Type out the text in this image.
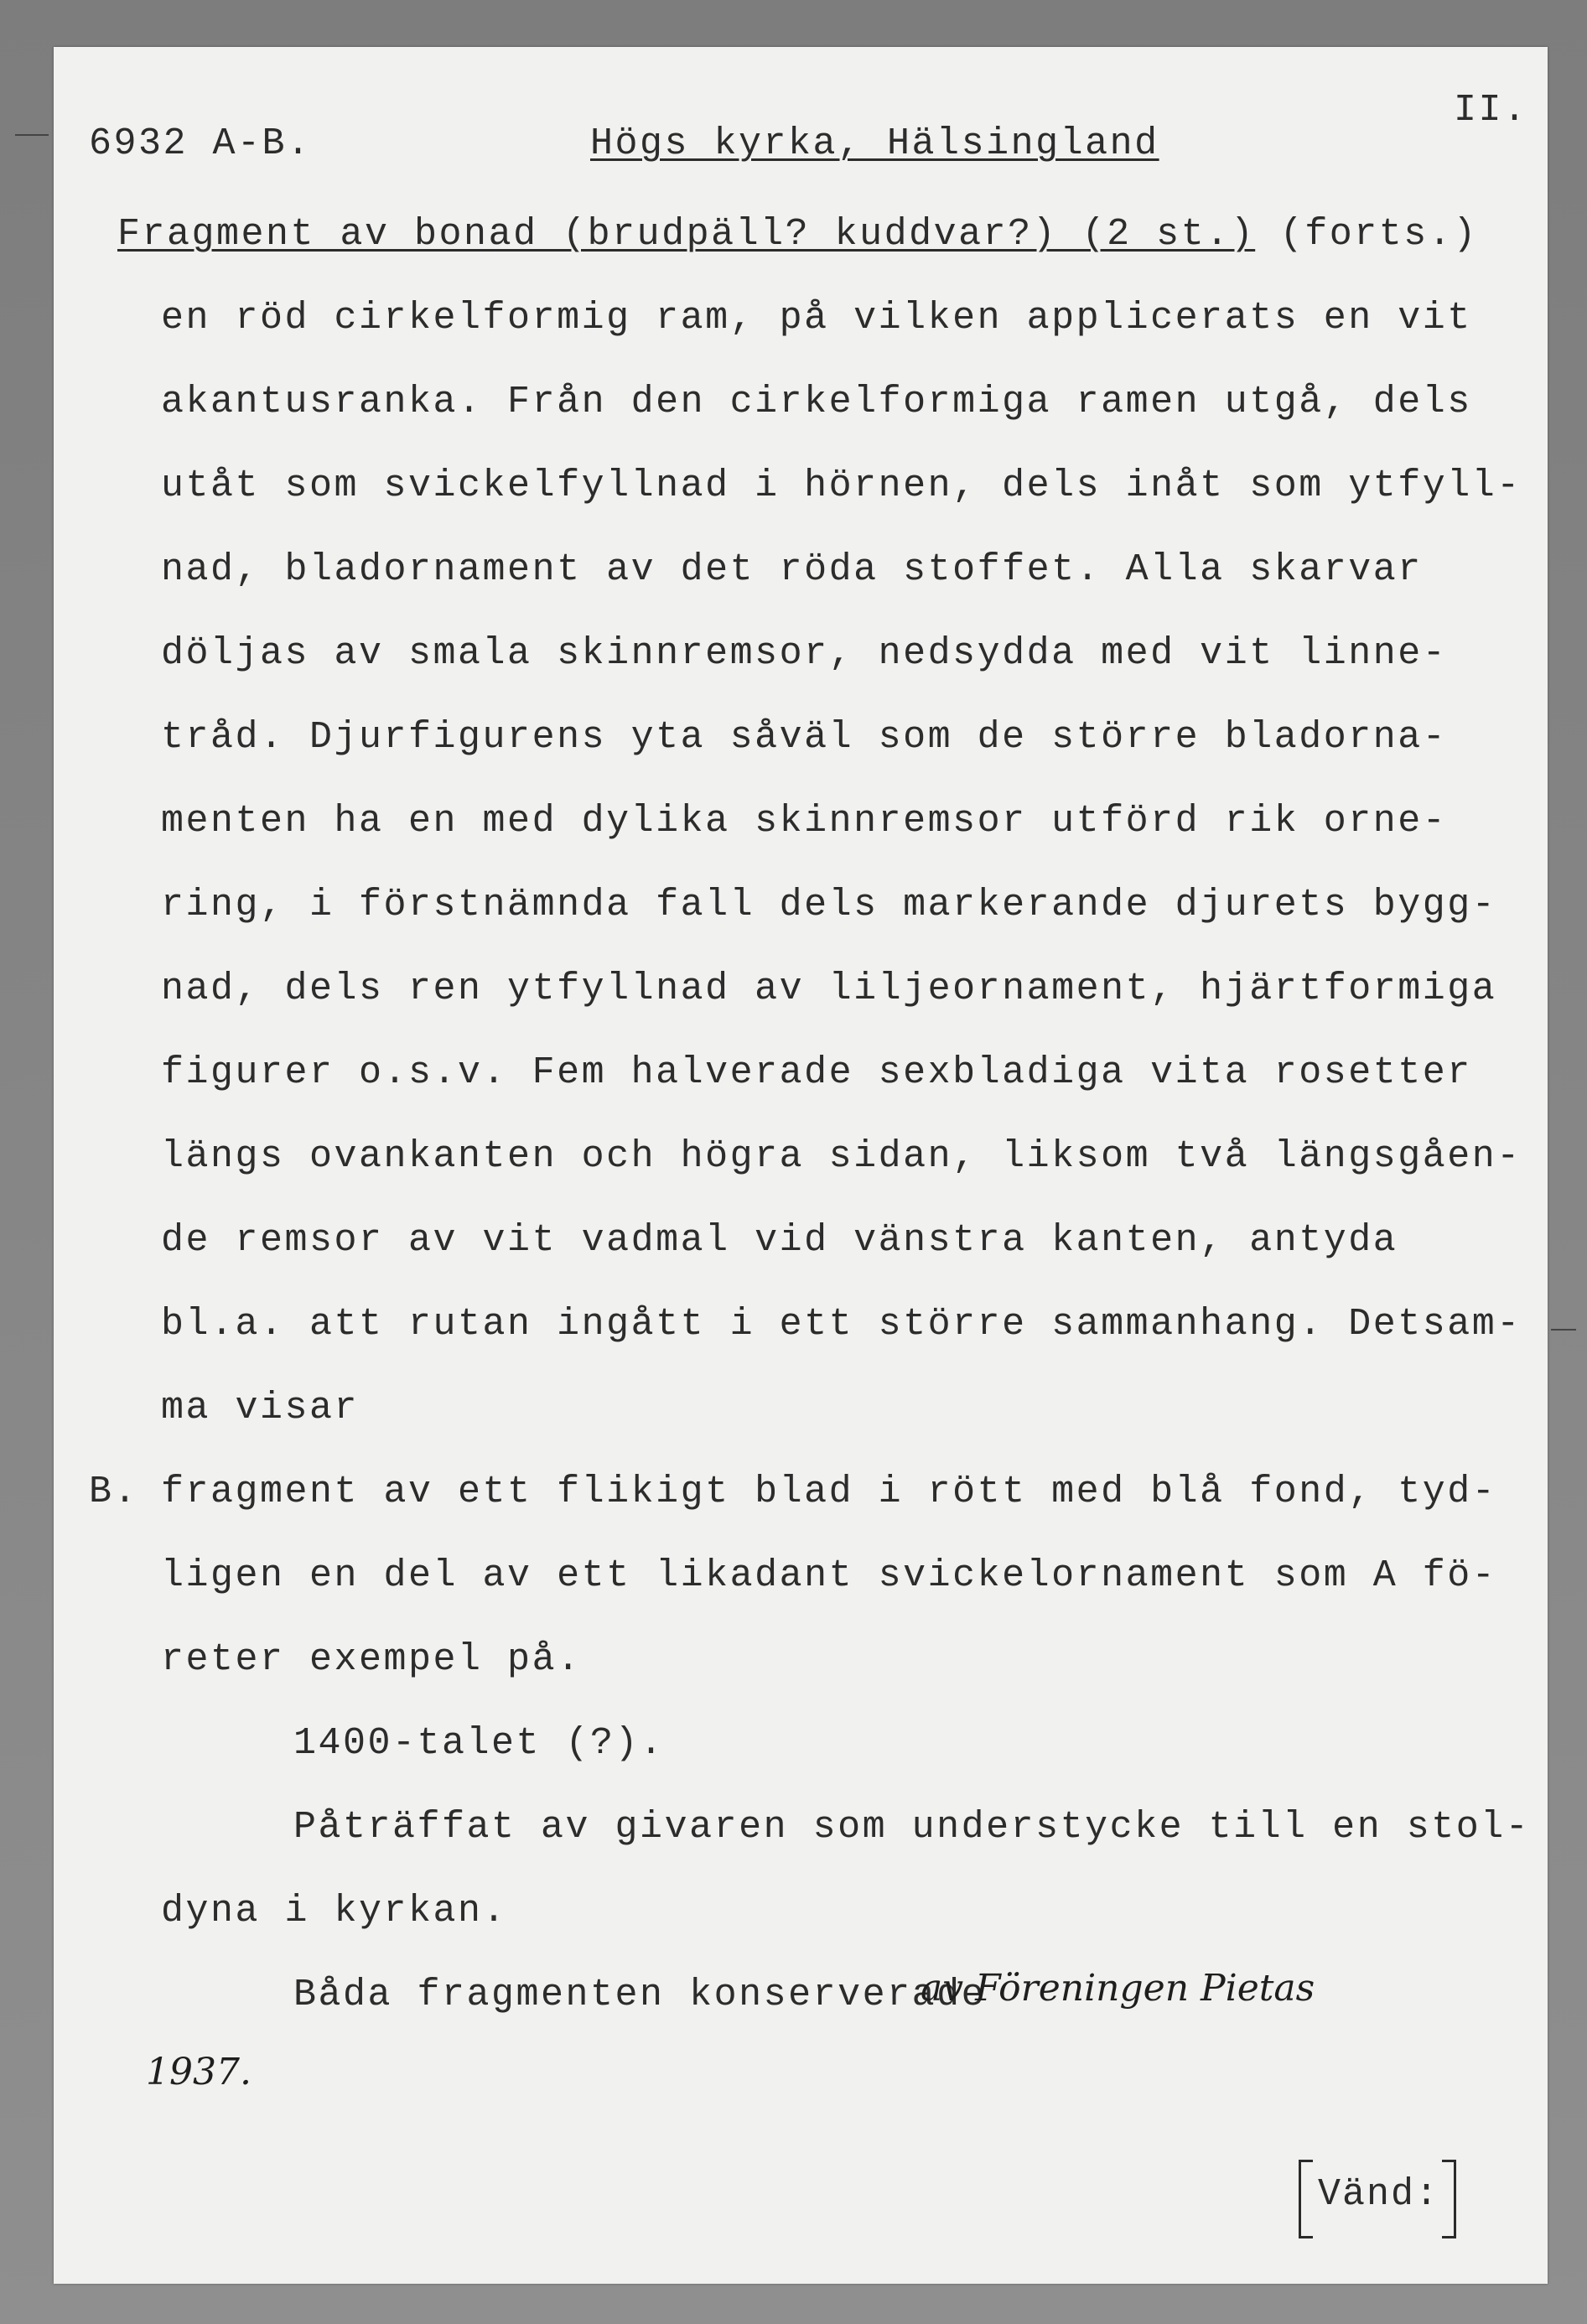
6932 A-B.	Högs kyrka, Hälsingland
II.
Fragment av bonad (brudpäll? kuddvar?) (2 st.) (forts.)
en röd cirkelformig ram, på vilken applicerats en vit
akantusranka. Från den cirkelformiga ramen utgå, dels
utåt som svickelfyllnad i hörnen, dels inåt som ytfyll-
nad, bladornament av det röda stoffet. Alla skarvar
döljas av smala skinnremsor, nedsydda med vit linne-
tråd. Djurfigurens yta såväl som de större bladorna-
menten ha en med dylika skinnremsor utförd rik orne-
ring, i förstnämnda fall dels markerande djurets bygg-
nad, dels ren ytfyllnad av liljeornament, hjärtformiga
figurer o.s.v. Fem halverade sexbladiga vita rosetter
längs ovankanten och högra sidan, liksom två längsgåen-
de remsor av vit vadmal vid vänstra kanten, antyda
bl.a. att rutan ingått i ett större sammanhang. Detsam-
ma visar
B. fragment av ett flikigt blad i rött med blå fond, tyd-
ligen en del av ett likadant svickelornament som A fö-
reter exempel på.
1400-talet (?).
Påträffat av givaren som understycke till en stol-
dyna i kyrkan.
Båda fragmenten konserverade
av Föreningen Pietas
1937.
Vänd:
